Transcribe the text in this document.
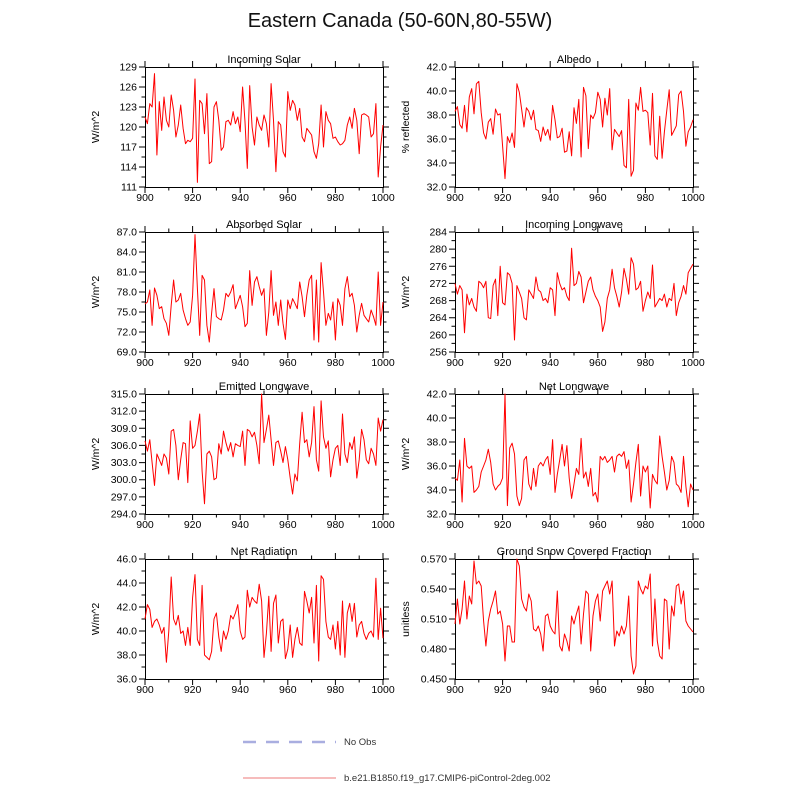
Eastern Canada (50-60N,80-55W)
Incoming Solar
W/m^2
900	920	940	960	980	1000
111
114
117
120
123
126
129
Albedo
% reflected
900	920	940	960	980	1000
32.0
34.0
36.0
38.0
40.0
42.0
Absorbed Solar
W/m^2
900	920	940	960	980	1000
69.0
72.0
75.0
78.0
81.0
84.0
87.0
Incoming Longwave
W/m^2
900	920	940	960	980	1000
256
260
264
268
272
276
280
284
Emitted Longwave
W/m^2
900	920	940	960	980	1000
294.0
297.0
300.0
303.0
306.0
309.0
312.0
315.0
Net Longwave
W/m^2
900	920	940	960	980	1000
32.0
34.0
36.0
38.0
40.0
42.0
Net Radiation
W/m^2
900	920	940	960	980	1000
36.0
38.0
40.0
42.0
44.0
46.0
Ground Snow Covered Fraction
unitless
900	920	940	960	980	1000
0.450
0.480
0.510
0.540
0.570
No Obs
b.e21.B1850.f19_g17.CMIP6-piControl-2deg.002
